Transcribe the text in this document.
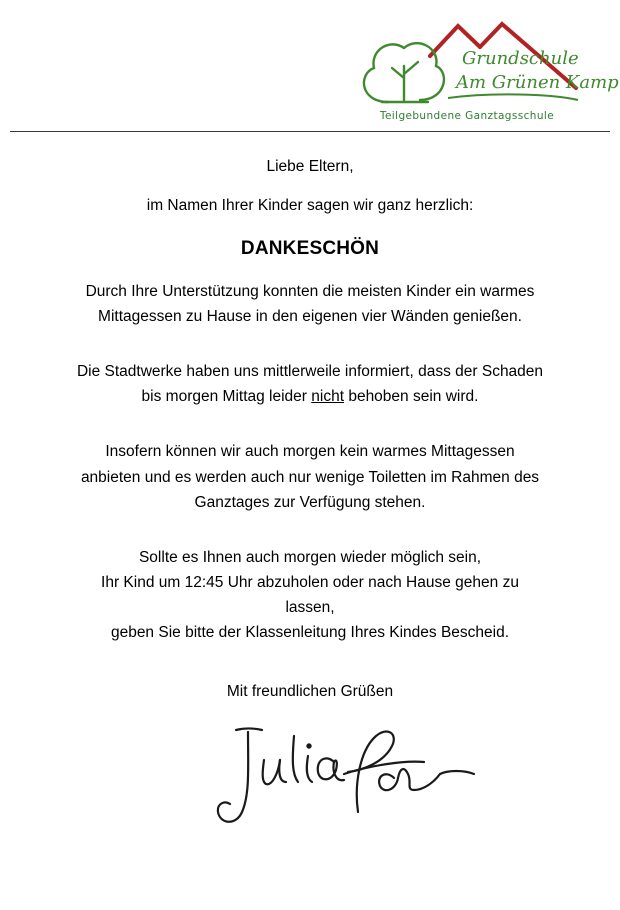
Grundschule
Am Grünen Kamp
Teilgebundene Ganztagsschule
Liebe Eltern,
im Namen Ihrer Kinder sagen wir ganz herzlich:
DANKESCHÖN
Durch Ihre Unterstützung konnten die meisten Kinder ein warmes
Mittagessen zu Hause in den eigenen vier Wänden genießen.
Die Stadtwerke haben uns mittlerweile informiert, dass der Schaden
bis morgen Mittag leider nicht behoben sein wird.
Insofern können wir auch morgen kein warmes Mittagessen
anbieten und es werden auch nur wenige Toiletten im Rahmen des
Ganztages zur Verfügung stehen.
Sollte es Ihnen auch morgen wieder möglich sein,
Ihr Kind um 12:45 Uhr abzuholen oder nach Hause gehen zu
lassen,
geben Sie bitte der Klassenleitung Ihres Kindes Bescheid.
Mit freundlichen Grüßen
